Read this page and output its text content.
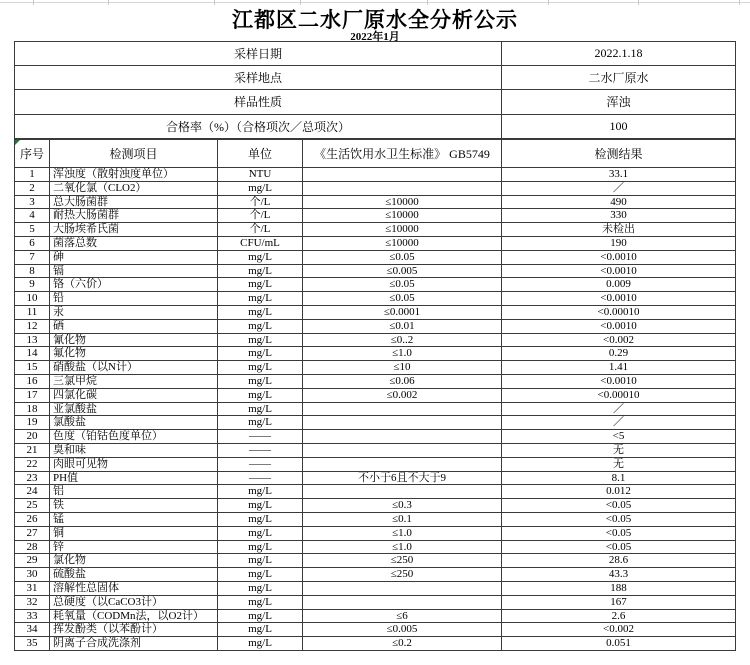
江都区二水厂原水全分析公示
2022年1月
采样日期	2022.1.18
采样地点	二水厂原水
样品性质	浑浊
合格率（%）（合格项次／总项次）	100
序号	检测项目	单位	《生活饮用水卫生标准》 GB5749	检测结果
1	浑浊度（散射浊度单位）	NTU		33.1
2	二氧化氯（CLO2）	mg/L		／
3	总大肠菌群	个/L	≤10000	490
4	耐热大肠菌群	个/L	≤10000	330
5	大肠埃希氏菌	个/L	≤10000	未检出
6	菌落总数	CFU/mL	≤10000	190
7	砷	mg/L	≤0.05	<0.0010
8	镉	mg/L	≤0.005	<0.0010
9	铬（六价）	mg/L	≤0.05	0.009
10	铅	mg/L	≤0.05	<0.0010
11	汞	mg/L	≤0.0001	<0.00010
12	硒	mg/L	≤0.01	<0.0010
13	氰化物	mg/L	≤0..2	<0.002
14	氟化物	mg/L	≤1.0	0.29
15	硝酸盐（以N计）	mg/L	≤10	1.41
16	三氯甲烷	mg/L	≤0.06	<0.0010
17	四氯化碳	mg/L	≤0.002	<0.00010
18	亚氯酸盐	mg/L		／
19	氯酸盐	mg/L		／
20	色度（铂钴色度单位）	——		<5
21	臭和味	——		无
22	肉眼可见物	——		无
23	PH值	——	不小于6且不大于9	8.1
24	铝	mg/L		0.012
25	铁	mg/L	≤0.3	<0.05
26	锰	mg/L	≤0.1	<0.05
27	铜	mg/L	≤1.0	<0.05
28	锌	mg/L	≤1.0	<0.05
29	氯化物	mg/L	≤250	28.6
30	硫酸盐	mg/L	≤250	43.3
31	溶解性总固体	mg/L		188
32	总硬度（以CaCO3计）	mg/L		167
33	耗氧量（CODMn法，以O2计）	mg/L	≤6	2.6
34	挥发酚类（以苯酚计）	mg/L	≤0.005	<0.002
35	阴离子合成洗涤剂	mg/L	≤0.2	0.051
